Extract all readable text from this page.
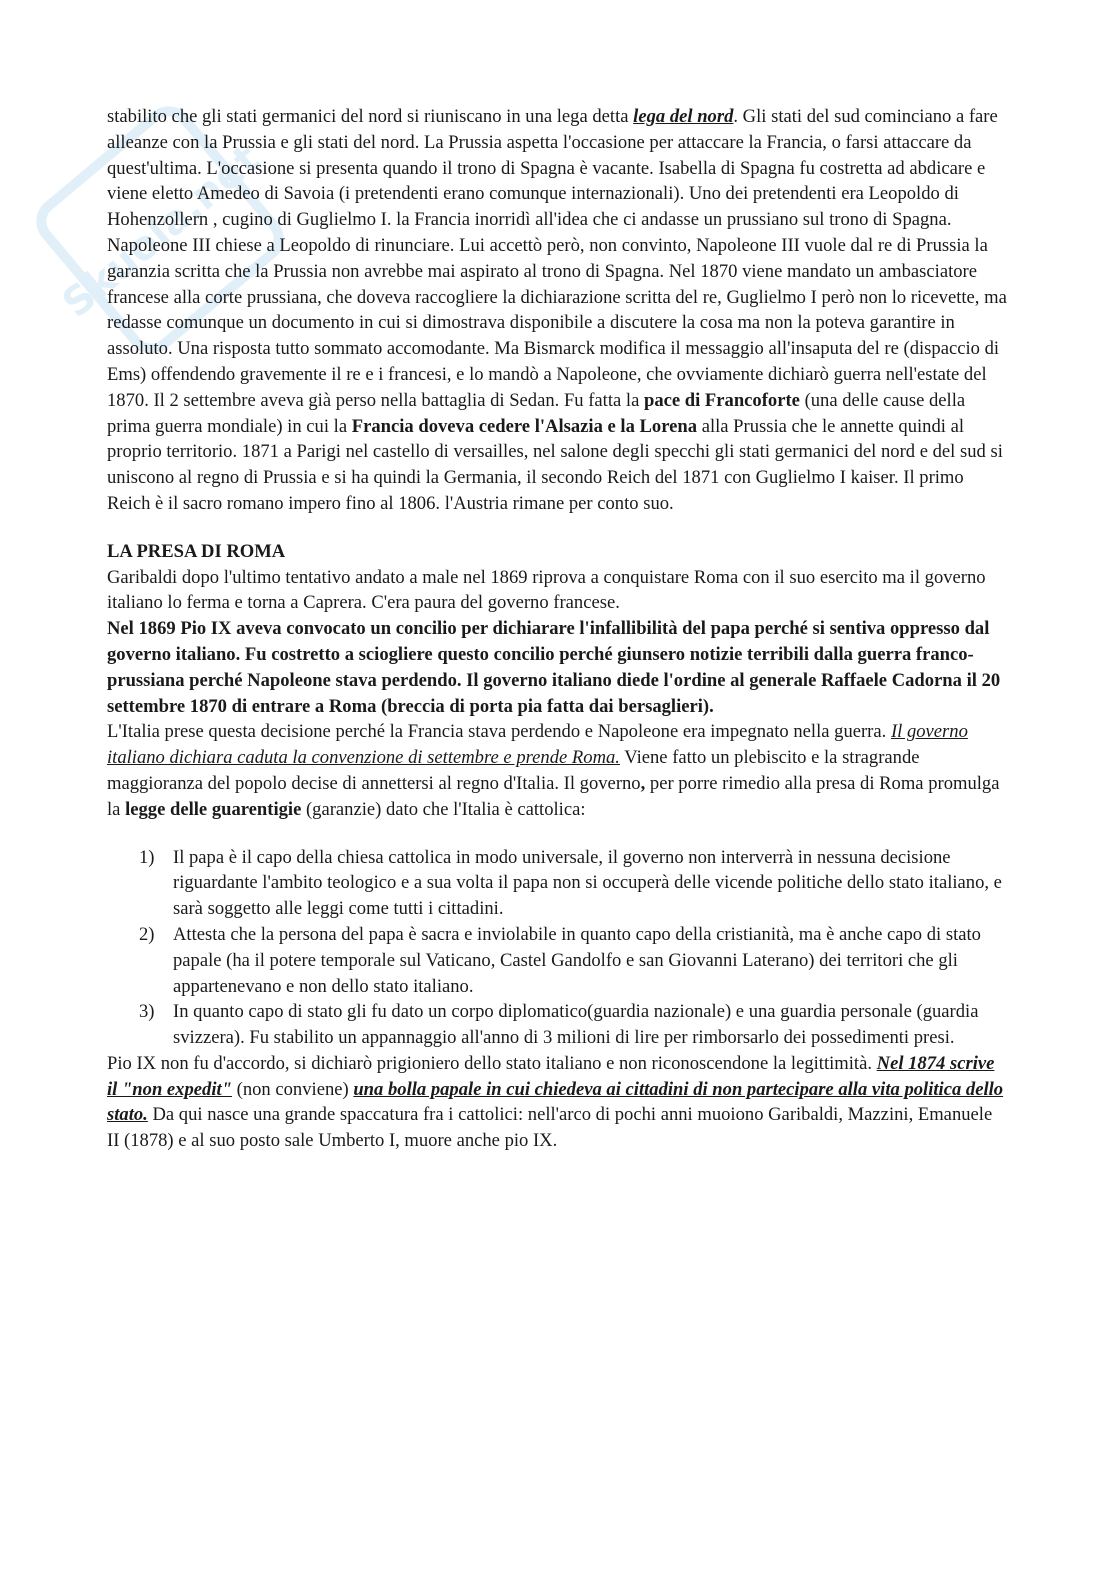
Skuola.net

stabilito che gli stati germanici del nord si riuniscano in una lega detta lega del nord. Gli stati del sud cominciano a fare alleanze con la Prussia e gli stati del nord. La Prussia aspetta l'occasione per attaccare la Francia, o farsi attaccare da quest'ultima. L'occasione si presenta quando il trono di Spagna è vacante. Isabella di Spagna fu costretta ad abdicare e viene eletto Amedeo di Savoia (i pretendenti erano comunque internazionali). Uno dei pretendenti era Leopoldo di Hohenzollern , cugino di Guglielmo I. la Francia inorridì all'idea che ci andasse un prussiano sul trono di Spagna. Napoleone III chiese a Leopoldo di rinunciare. Lui accettò però, non convinto, Napoleone III vuole dal re di Prussia la garanzia scritta che la Prussia non avrebbe mai aspirato al trono di Spagna. Nel 1870 viene mandato un ambasciatore francese alla corte prussiana, che doveva raccogliere la dichiarazione scritta del re, Guglielmo I però non lo ricevette, ma redasse comunque un documento in cui si dimostrava disponibile a discutere la cosa ma non la poteva garantire in assoluto. Una risposta tutto sommato accomodante. Ma Bismarck modifica il messaggio all'insaputa del re (dispaccio di Ems) offendendo gravemente il re e i francesi, e lo mandò a Napoleone, che ovviamente dichiarò guerra nell'estate del 1870. Il 2 settembre aveva già perso nella battaglia di Sedan. Fu fatta la pace di Francoforte (una delle cause della prima guerra mondiale) in cui la Francia doveva cedere l'Alsazia e la Lorena alla Prussia che le annette quindi al proprio territorio. 1871 a Parigi nel castello di versailles, nel salone degli specchi gli stati germanici del nord e del sud si uniscono al regno di Prussia e si ha quindi la Germania, il secondo Reich del 1871 con Guglielmo I kaiser. Il primo Reich è il sacro romano impero fino al 1806. l'Austria rimane per conto suo.

LA PRESA DI ROMA

Garibaldi dopo l'ultimo tentativo andato a male nel 1869 riprova a conquistare Roma con il suo esercito ma il governo italiano lo ferma e torna a Caprera. C'era paura del governo francese.

Nel 1869 Pio IX aveva convocato un concilio per dichiarare l'infallibilità del papa perché si sentiva oppresso dal governo italiano. Fu costretto a sciogliere questo concilio perché giunsero notizie terribili dalla guerra franco-prussiana perché Napoleone stava perdendo. Il governo italiano diede l'ordine al generale Raffaele Cadorna il 20 settembre 1870 di entrare a Roma (breccia di porta pia fatta dai bersaglieri).

L'Italia prese questa decisione perché la Francia stava perdendo e Napoleone era impegnato nella guerra. Il governo italiano dichiara caduta la convenzione di settembre e prende Roma. Viene fatto un plebiscito e la stragrande maggioranza del popolo decise di annettersi al regno d'Italia. Il governo, per porre rimedio alla presa di Roma promulga la legge delle guarentigie (garanzie) dato che l'Italia è cattolica:

1) Il papa è il capo della chiesa cattolica in modo universale, il governo non interverrà in nessuna decisione riguardante l'ambito teologico e a sua volta il papa non si occuperà delle vicende politiche dello stato italiano, e sarà soggetto alle leggi come tutti i cittadini.
2) Attesta che la persona del papa è sacra e inviolabile in quanto capo della cristianità, ma è anche capo di stato papale (ha il potere temporale sul Vaticano, Castel Gandolfo e san Giovanni Laterano) dei territori che gli appartenevano e non dello stato italiano.
3) In quanto capo di stato gli fu dato un corpo diplomatico(guardia nazionale) e una guardia personale (guardia svizzera). Fu stabilito un appannaggio all'anno di 3 milioni di lire per rimborsarlo dei possedimenti presi.

Pio IX non fu d'accordo, si dichiarò prigioniero dello stato italiano e non riconoscendone la legittimità. Nel 1874 scrive il "non expedit" (non conviene) una bolla papale in cui chiedeva ai cittadini di non partecipare alla vita politica dello stato. Da qui nasce una grande spaccatura fra i cattolici: nell'arco di pochi anni muoiono Garibaldi, Mazzini, Emanuele II (1878) e al suo posto sale Umberto I, muore anche pio IX.
